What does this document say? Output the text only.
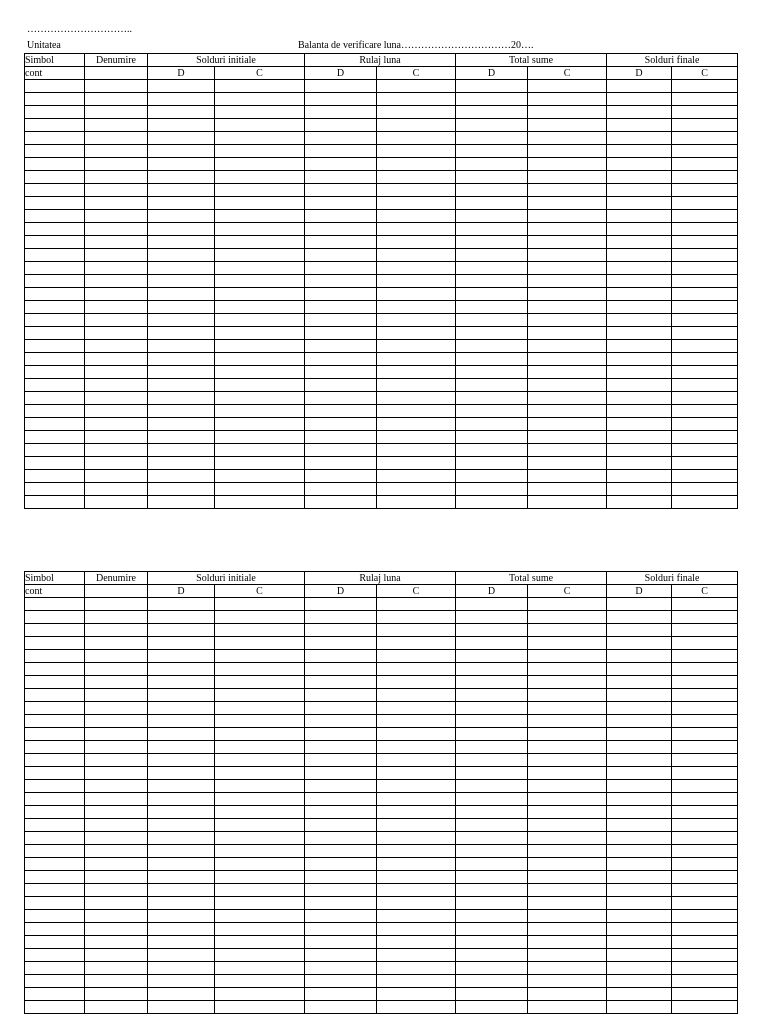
…………………………..
Unitatea	Balanta de verificare luna……………………………20….
Simbol	Denumire	Solduri initiale		Rulaj luna		Total sume		Solduri finale	
cont		D	C	D	C	D	C	D	C

Simbol	Denumire	Solduri initiale		Rulaj luna		Total sume		Solduri finale	
cont		D	C	D	C	D	C	D	C
